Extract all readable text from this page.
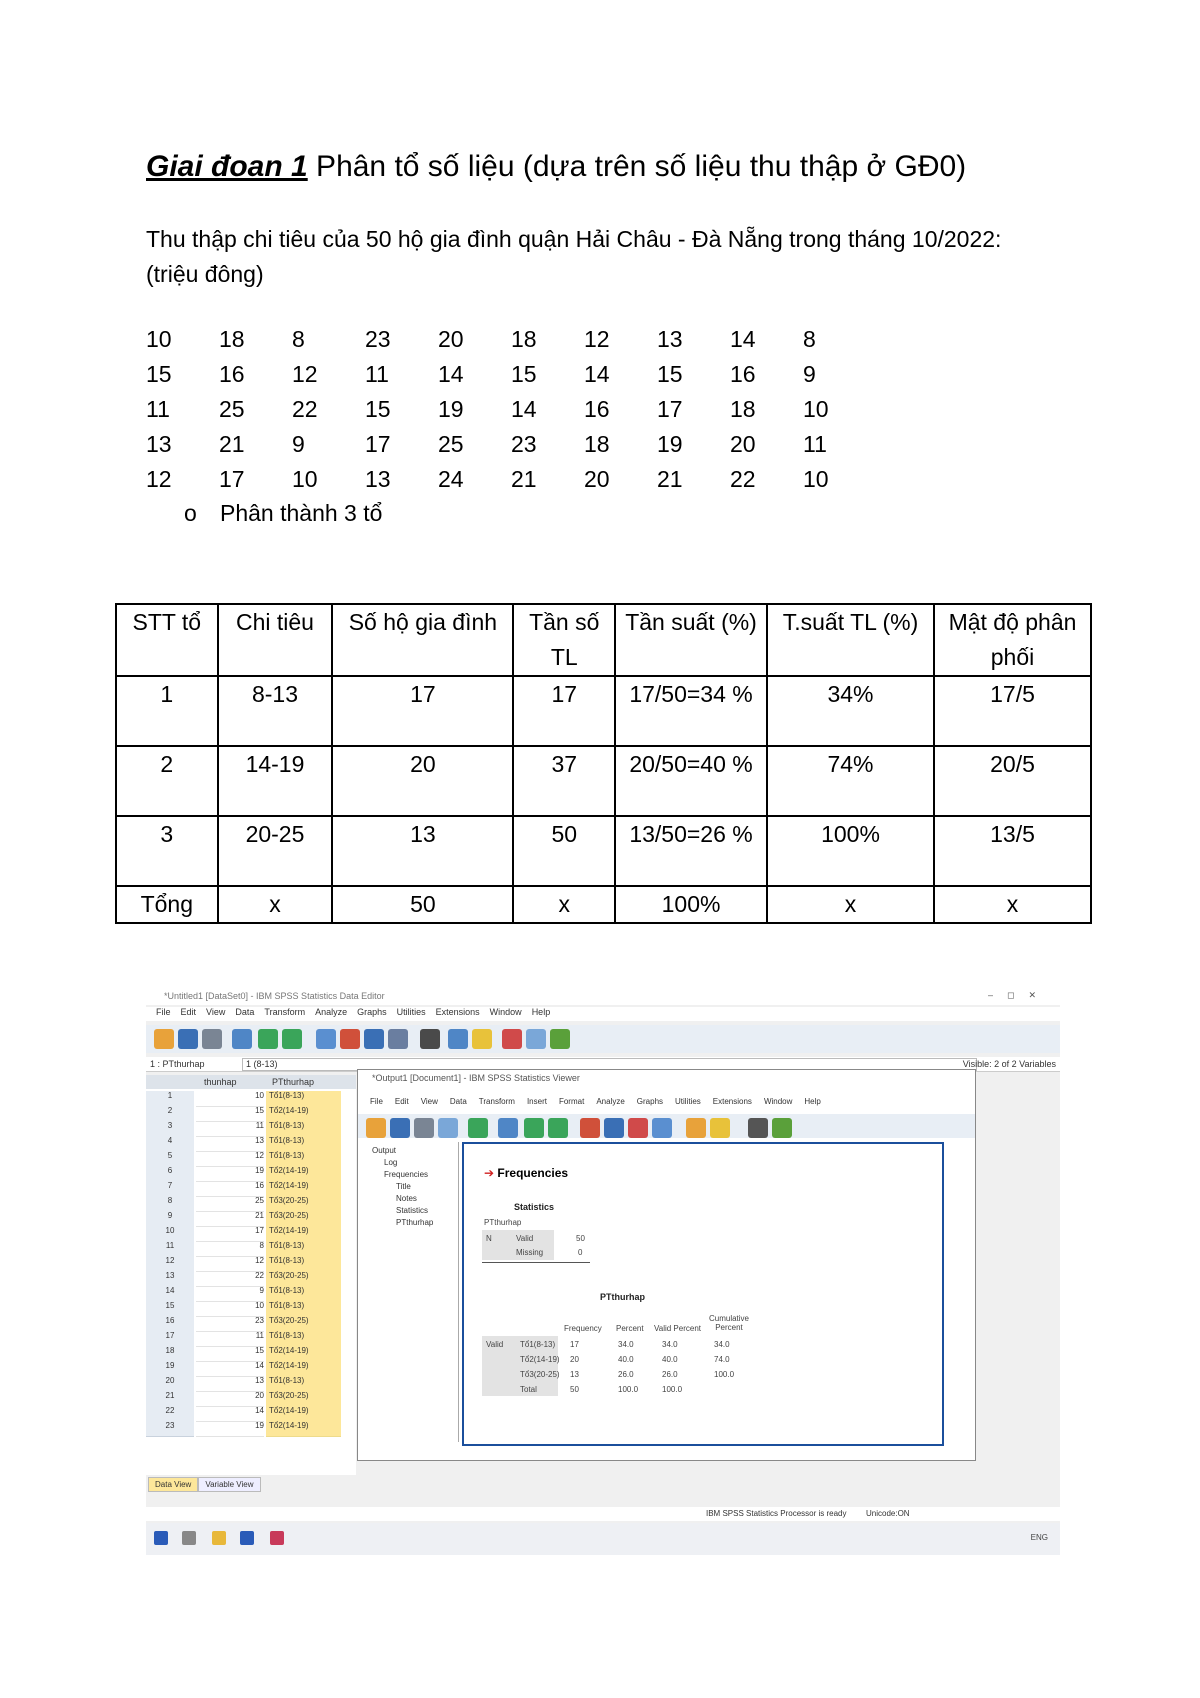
Giai đoan 1 Phân tổ số liệu (dựa trên số liệu thu thập ở GĐ0)
Thu thập chi tiêu của 50 hộ gia đình quận Hải Châu - Đà Nẵng trong tháng 10/2022: (triệu đông)
10	18	8	23	20	18	12	13	14	8
15	16	12	11	14	15	14	15	16	9
11	25	22	15	19	14	16	17	18	10
13	21	9	17	25	23	18	19	20	11
12	17	10	13	24	21	20	21	22	10
o Phân thành 3 tổ
STT tổ	Chi tiêu	Số hộ gia đình	Tần số TL	Tần suất (%)	T.suất TL (%)	Mật độ phân phối
1	8-13	17	17	17/50=34 %	34%	17/5
2	14-19	20	37	20/50=40 %	74%	20/5
3	20-25	13	50	13/50=26 %	100%	13/5
Tổng	x	50	x	100%	x	x
*Untitled1 [DataSet0] - IBM SPSS Statistics Data Editor	–◻✕
File Edit View Data Transform Analyze Graphs Utilities Extensions Window Help
1 : PTthurhap	1 (8-13)	Visible: 2 of 2 Variables
thunhap	PTthurhap
1	10 Tổ1(8-13)
2	15 Tổ2(14-19)
3	11 Tổ1(8-13)
4	13 Tổ1(8-13)
5	12 Tổ1(8-13)
6	19 Tổ2(14-19)
7	16 Tổ2(14-19)
8	25 Tổ3(20-25)
9	21 Tổ3(20-25)
10	17 Tổ2(14-19)
11	8 Tổ1(8-13)
12	12 Tổ1(8-13)
13	22 Tổ3(20-25)
14	9 Tổ1(8-13)
15	10 Tổ1(8-13)
16	23 Tổ3(20-25)
17	11 Tổ1(8-13)
18	15 Tổ2(14-19)
19	14 Tổ2(14-19)
20	13 Tổ1(8-13)
21	20 Tổ3(20-25)
22	14 Tổ2(14-19)
23	19 Tổ2(14-19)
*Output1 [Document1] - IBM SPSS Statistics Viewer
File Edit View Data Transform Insert Format Analyze Graphs Utilities Extensions Window Help
Output
Log
Frequencies
Title
Notes
Statistics
PTthurhap
➔ Frequencies
Statistics
PTthurhap
N	Valid	50
Missing	0
PTthurhap
Frequency Percent Valid Percent
Cumulative Percent
Valid Tổ1(8-13) 17	34.0	34.0	34.0
Tổ2(14-19) 20	40.0	40.0	74.0
Tổ3(20-25) 13	26.0	26.0	100.0
Total	50	100.0	100.0
Data View Variable View
IBM SPSS Statistics Processor is ready Unicode:ON
ENG
